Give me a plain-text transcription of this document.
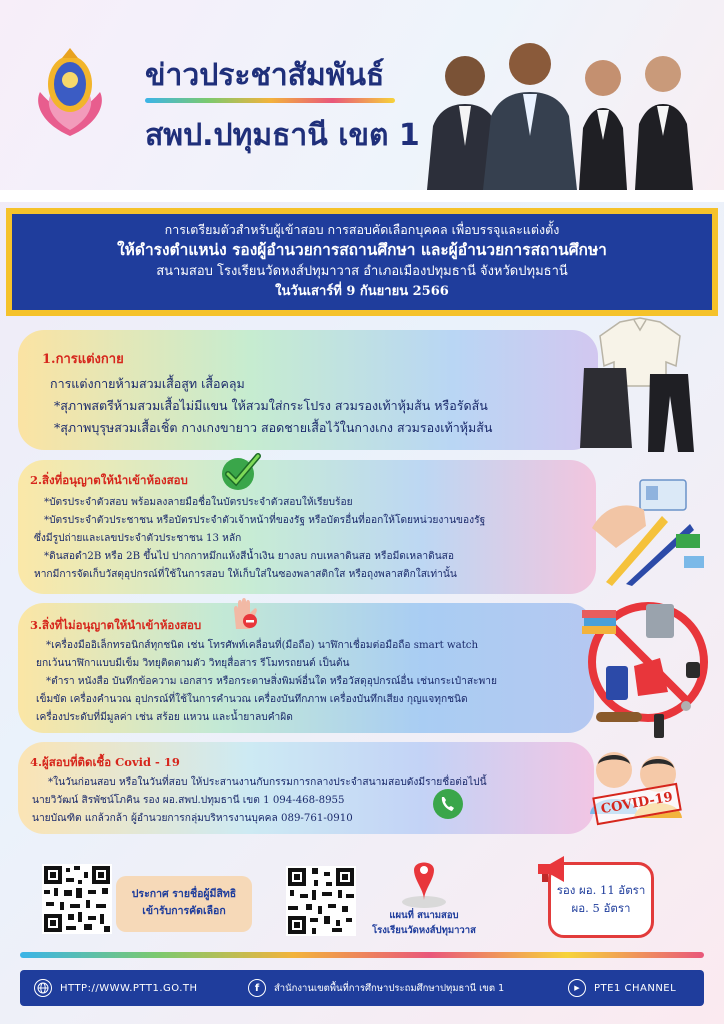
ข่าวประชาสัมพันธ์
สพป.ปทุมธานี เขต 1
การเตรียมตัวสำหรับผู้เข้าสอบ การสอบคัดเลือกบุคคล เพื่อบรรจุและแต่งตั้ง
ให้ดำรงตำแหน่ง รองผู้อำนวยการสถานศึกษา และผู้อำนวยการสถานศึกษา
สนามสอบ โรงเรียนวัดหงส์ปทุมาวาส อำเภอเมืองปทุมธานี จังหวัดปทุมธานี
ในวันเสาร์ที่ 9 กันยายน 2566
1.การแต่งกาย
การแต่งกายห้ามสวมเสื้อสูท เสื้อคลุม
*สุภาพสตรีห้ามสวมเสื้อไม่มีแขน ให้สวมใส่กระโปรง สวมรองเท้าหุ้มส้น หรือรัดส้น
*สุภาพบุรุษสวมเสื้อเชิ้ต กางเกงขายาว สอดชายเสื้อไว้ในกางเกง สวมรองเท้าหุ้มส้น
2.สิ่งที่อนุญาตให้นำเข้าห้องสอบ
*บัตรประจำตัวสอบ พร้อมลงลายมือชื่อในบัตรประจำตัวสอบให้เรียบร้อย
*บัตรประจำตัวประชาชน หรือบัตรประจำตัวเจ้าหน้าที่ของรัฐ หรือบัตรอื่นที่ออกให้โดยหน่วยงานของรัฐ
ซึ่งมีรูปถ่ายและเลขประจำตัวประชาชน 13 หลัก
*ดินสอดำ2B หรือ 2B ขึ้นไป ปากกาหมึกแห้งสีน้ำเงิน ยางลบ กบเหลาดินสอ หรือมีดเหลาดินสอ
หากมีการจัดเก็บวัสดุอุปกรณ์ที่ใช้ในการสอบ ให้เก็บใส่ในซองพลาสติกใส หรือถุงพลาสติกใสเท่านั้น
3.สิ่งที่ไม่อนุญาตให้นำเข้าห้องสอบ
*เครื่องมืออิเล็กทรอนิกส์ทุกชนิด เช่น โทรศัพท์เคลื่อนที่(มือถือ) นาฬิกาเชื่อมต่อมือถือ smart watch
ยกเว้นนาฬิกาแบบมีเข็ม วิทยุติดตามตัว วิทยุสื่อสาร รีโมทรถยนต์ เป็นต้น
*ตำรา หนังสือ บันทึกข้อความ เอกสาร หรือกระดาษสิ่งพิมพ์อื่นใด หรือวัสดุอุปกรณ์อื่น เช่นกระเป๋าสะพาย
เข็มขัด เครื่องคำนวณ อุปกรณ์ที่ใช้ในการคำนวณ เครื่องบันทึกภาพ เครื่องบันทึกเสียง กุญแจทุกชนิด
เครื่องประดับที่มีมูลค่า เช่น สร้อย แหวน และน้ำยาลบคำผิด
4.ผู้สอบที่ติดเชื้อ Covid - 19
*ในวันก่อนสอบ หรือในวันที่สอบ ให้ประสานงานกับกรรมการกลางประจำสนามสอบดังมีรายชื่อต่อไปนี้
นายวิวัฒน์ สิรพัชน์โภคิน รอง ผอ.สพป.ปทุมธานี เขต 1 094-468-8955
นายบัณฑิต แกล้วกล้า ผู้อำนวยการกลุ่มบริหารงานบุคคล 089-761-0910
COVID-19
ประกาศ รายชื่อผู้มีสิทธิ
เข้ารับการคัดเลือก	แผนที่ สนามสอบ
โรงเรียนวัดหงส์ปทุมาวาส
รอง ผอ. 11 อัตรา
ผอ. 5 อัตรา
HTTP://WWW.PTT1.GO.TH	f	สำนักงานเขตพื้นที่การศึกษาประถมศึกษาปทุมธานี เขต 1	▶	PTE1 CHANNEL
